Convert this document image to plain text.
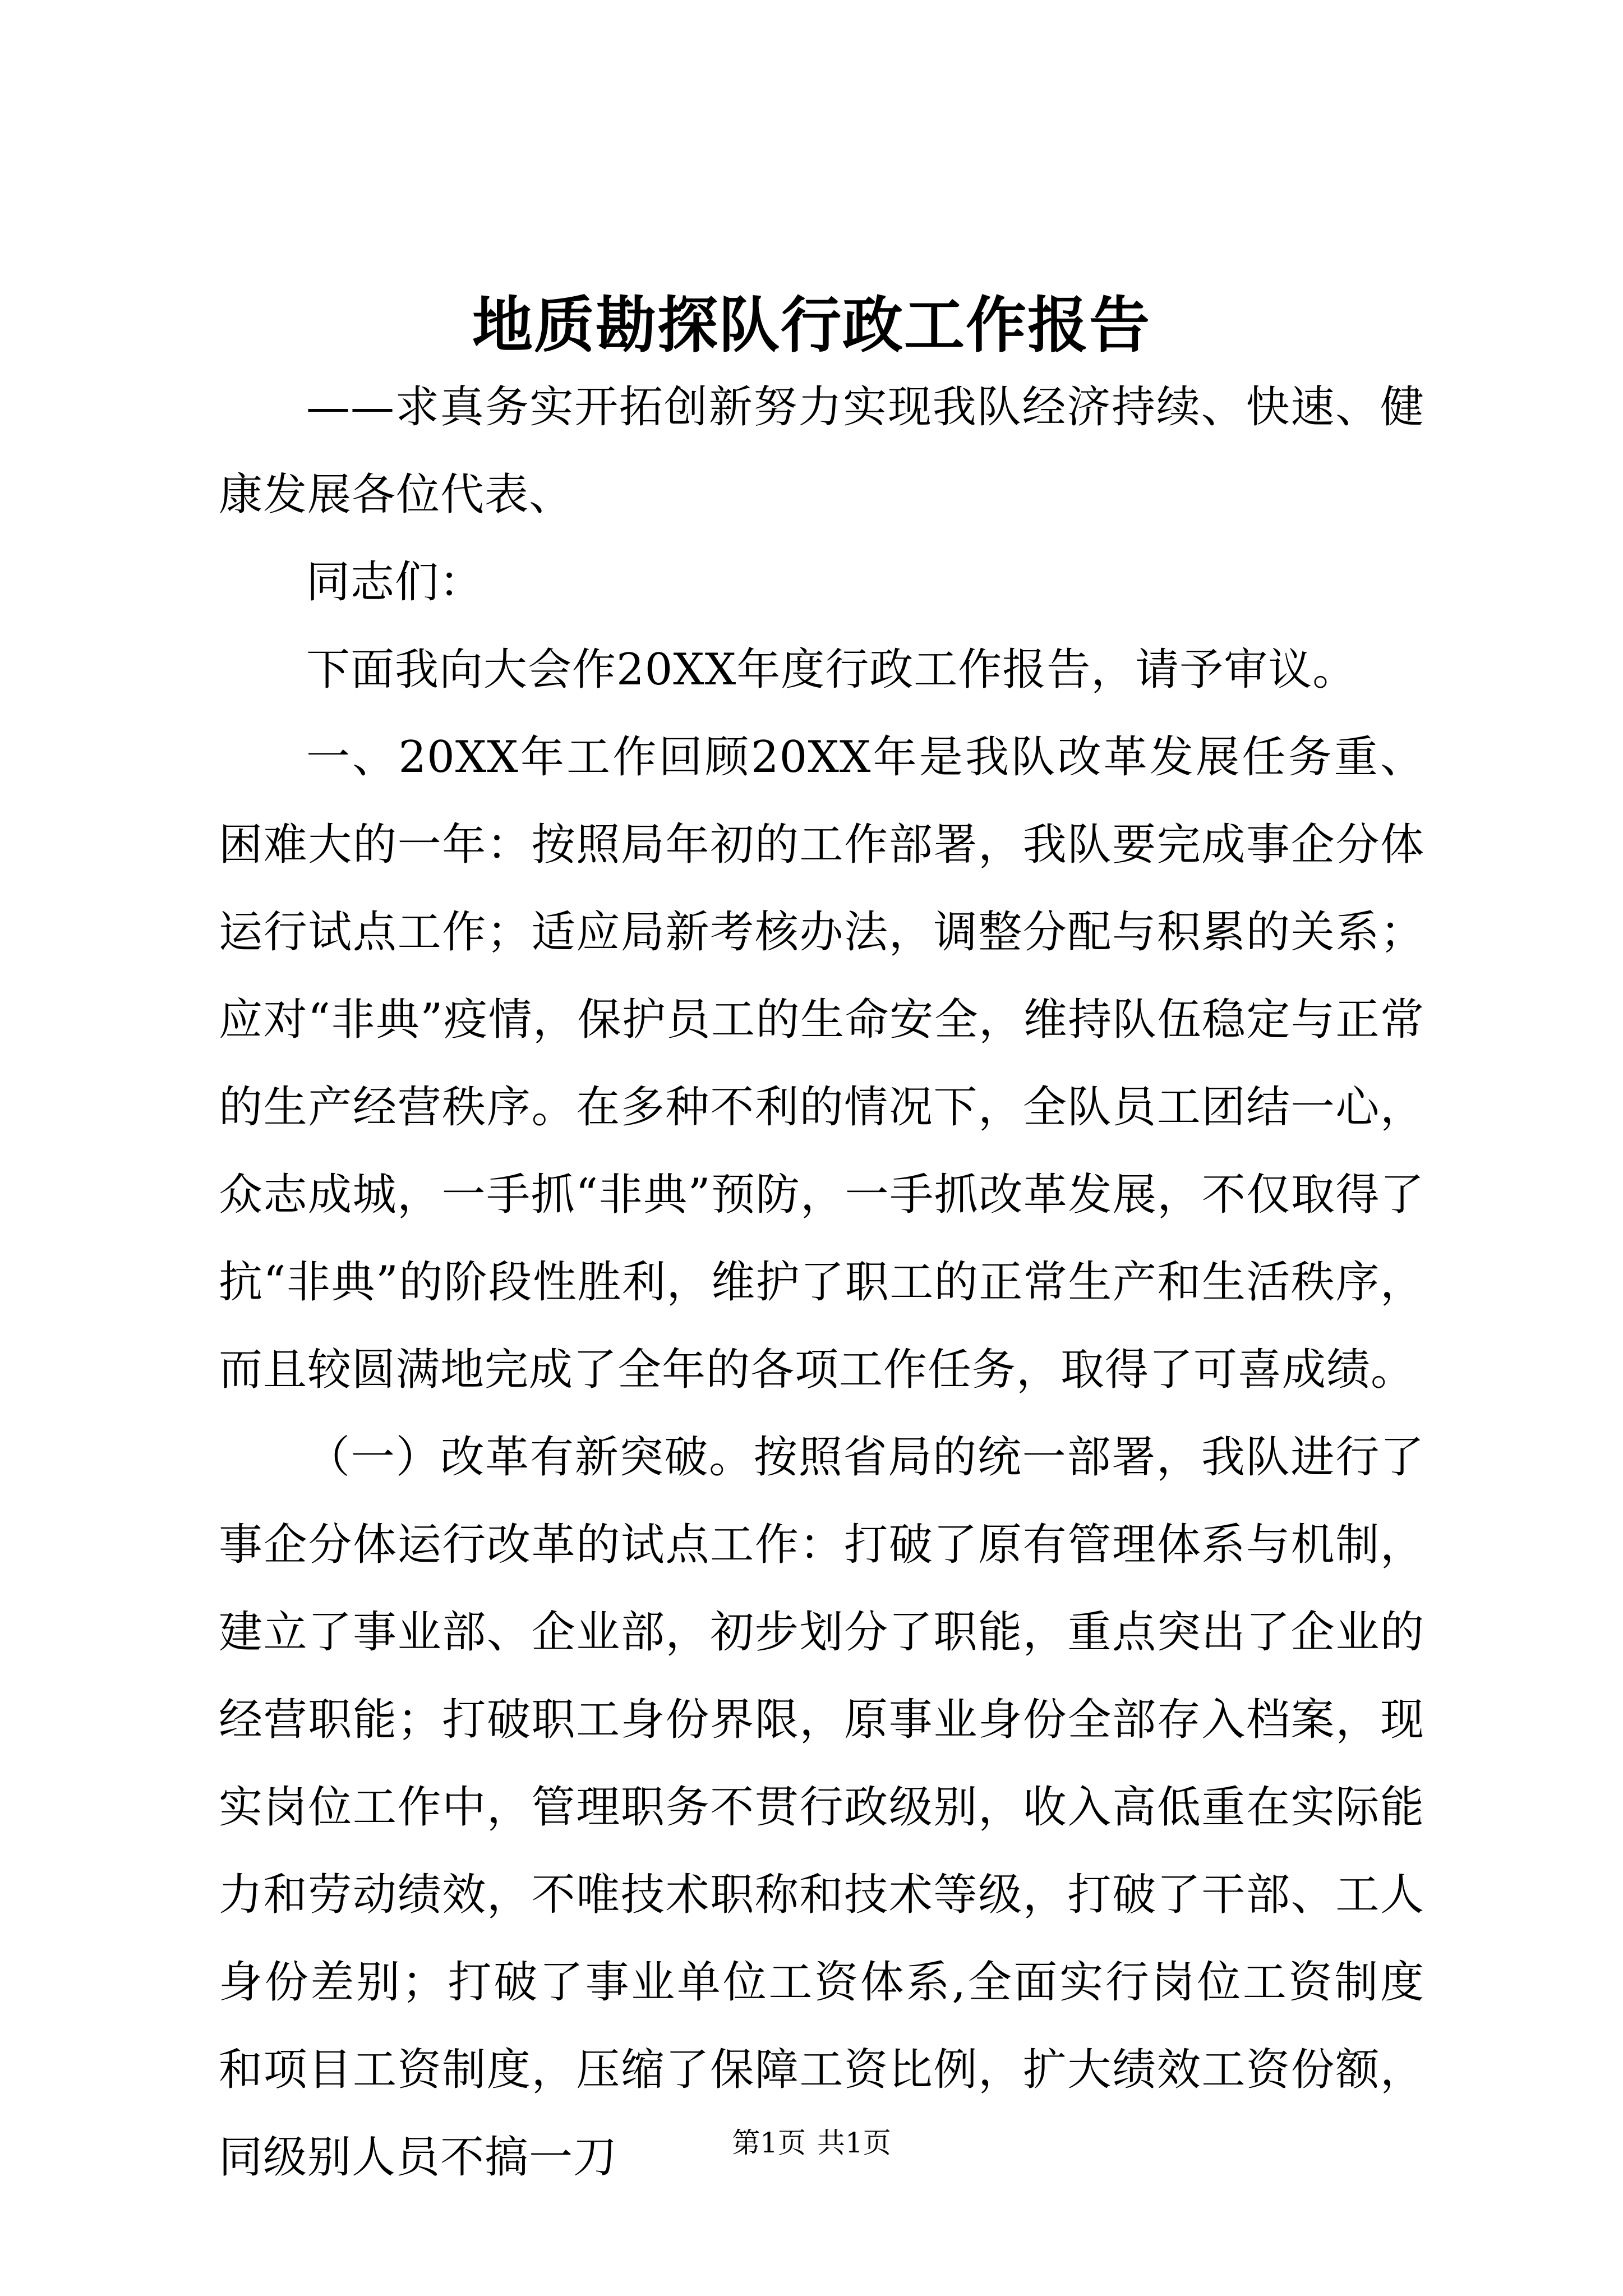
地质勘探队行政工作报告

——求真务实开拓创新努力实现我队经济持续、快速、健康发展各位代表、

同志们：

下面我向大会作20XX年度行政工作报告，请予审议。

一、20XX年工作回顾20XX年是我队改革发展任务重、困难大的一年：按照局年初的工作部署，我队要完成事企分体运行试点工作；适应局新考核办法，调整分配与积累的关系；应对“非典”疫情，保护员工的生命安全，维持队伍稳定与正常的生产经营秩序。在多种不利的情况下，全队员工团结一心，众志成城，一手抓“非典”预防，一手抓改革发展，不仅取得了抗“非典”的阶段性胜利，维护了职工的正常生产和生活秩序，而且较圆满地完成了全年的各项工作任务，取得了可喜成绩。

（一）改革有新突破。按照省局的统一部署，我队进行了事企分体运行改革的试点工作：打破了原有管理体系与机制，建立了事业部、企业部，初步划分了职能，重点突出了企业的经营职能；打破职工身份界限，原事业身份全部存入档案，现实岗位工作中，管理职务不贯行政级别，收入高低重在实际能力和劳动绩效，不唯技术职称和技术等级，打破了干部、工人身份差别；打破了事业单位工资体系,全面实行岗位工资制度和项目工资制度，压缩了保障工资比例，扩大绩效工资份额，同级别人员不搞一刀	第1页 共1页
